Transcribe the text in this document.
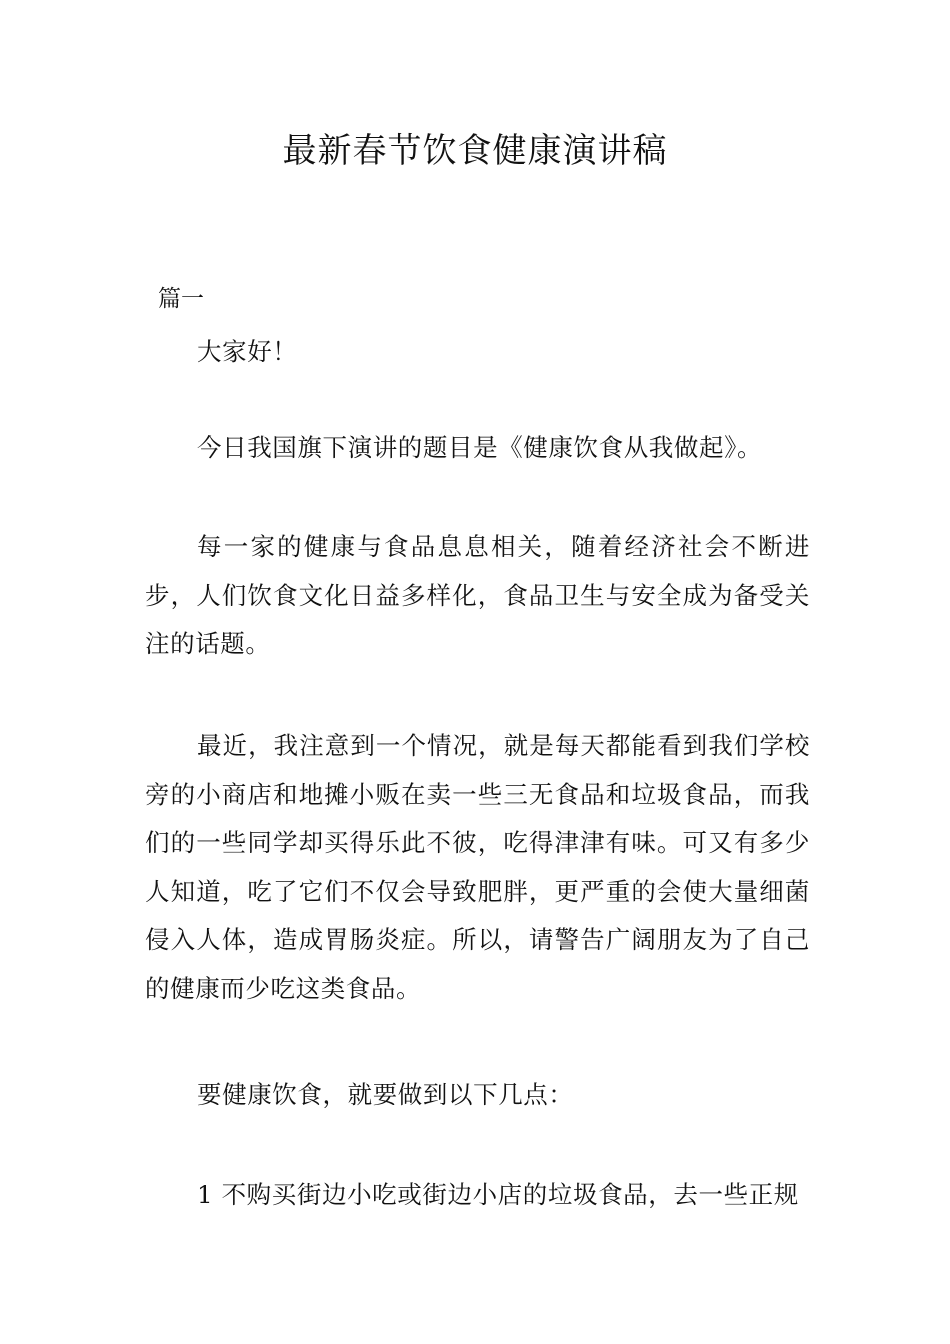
最新春节饮食健康演讲稿

篇一

大家好！

今日我国旗下演讲的题目是《健康饮食从我做起》。

每一家的健康与食品息息相关，随着经济社会不断进步，人们饮食文化日益多样化，食品卫生与安全成为备受关注的话题。

最近，我注意到一个情况，就是每天都能看到我们学校旁的小商店和地摊小贩在卖一些三无食品和垃圾食品，而我们的一些同学却买得乐此不彼，吃得津津有味。可又有多少人知道，吃了它们不仅会导致肥胖，更严重的会使大量细菌侵入人体，造成胃肠炎症。所以，请警告广阔朋友为了自己的健康而少吃这类食品。

要健康饮食，就要做到以下几点：

1 不购买街边小吃或街边小店的垃圾食品，去一些正规
